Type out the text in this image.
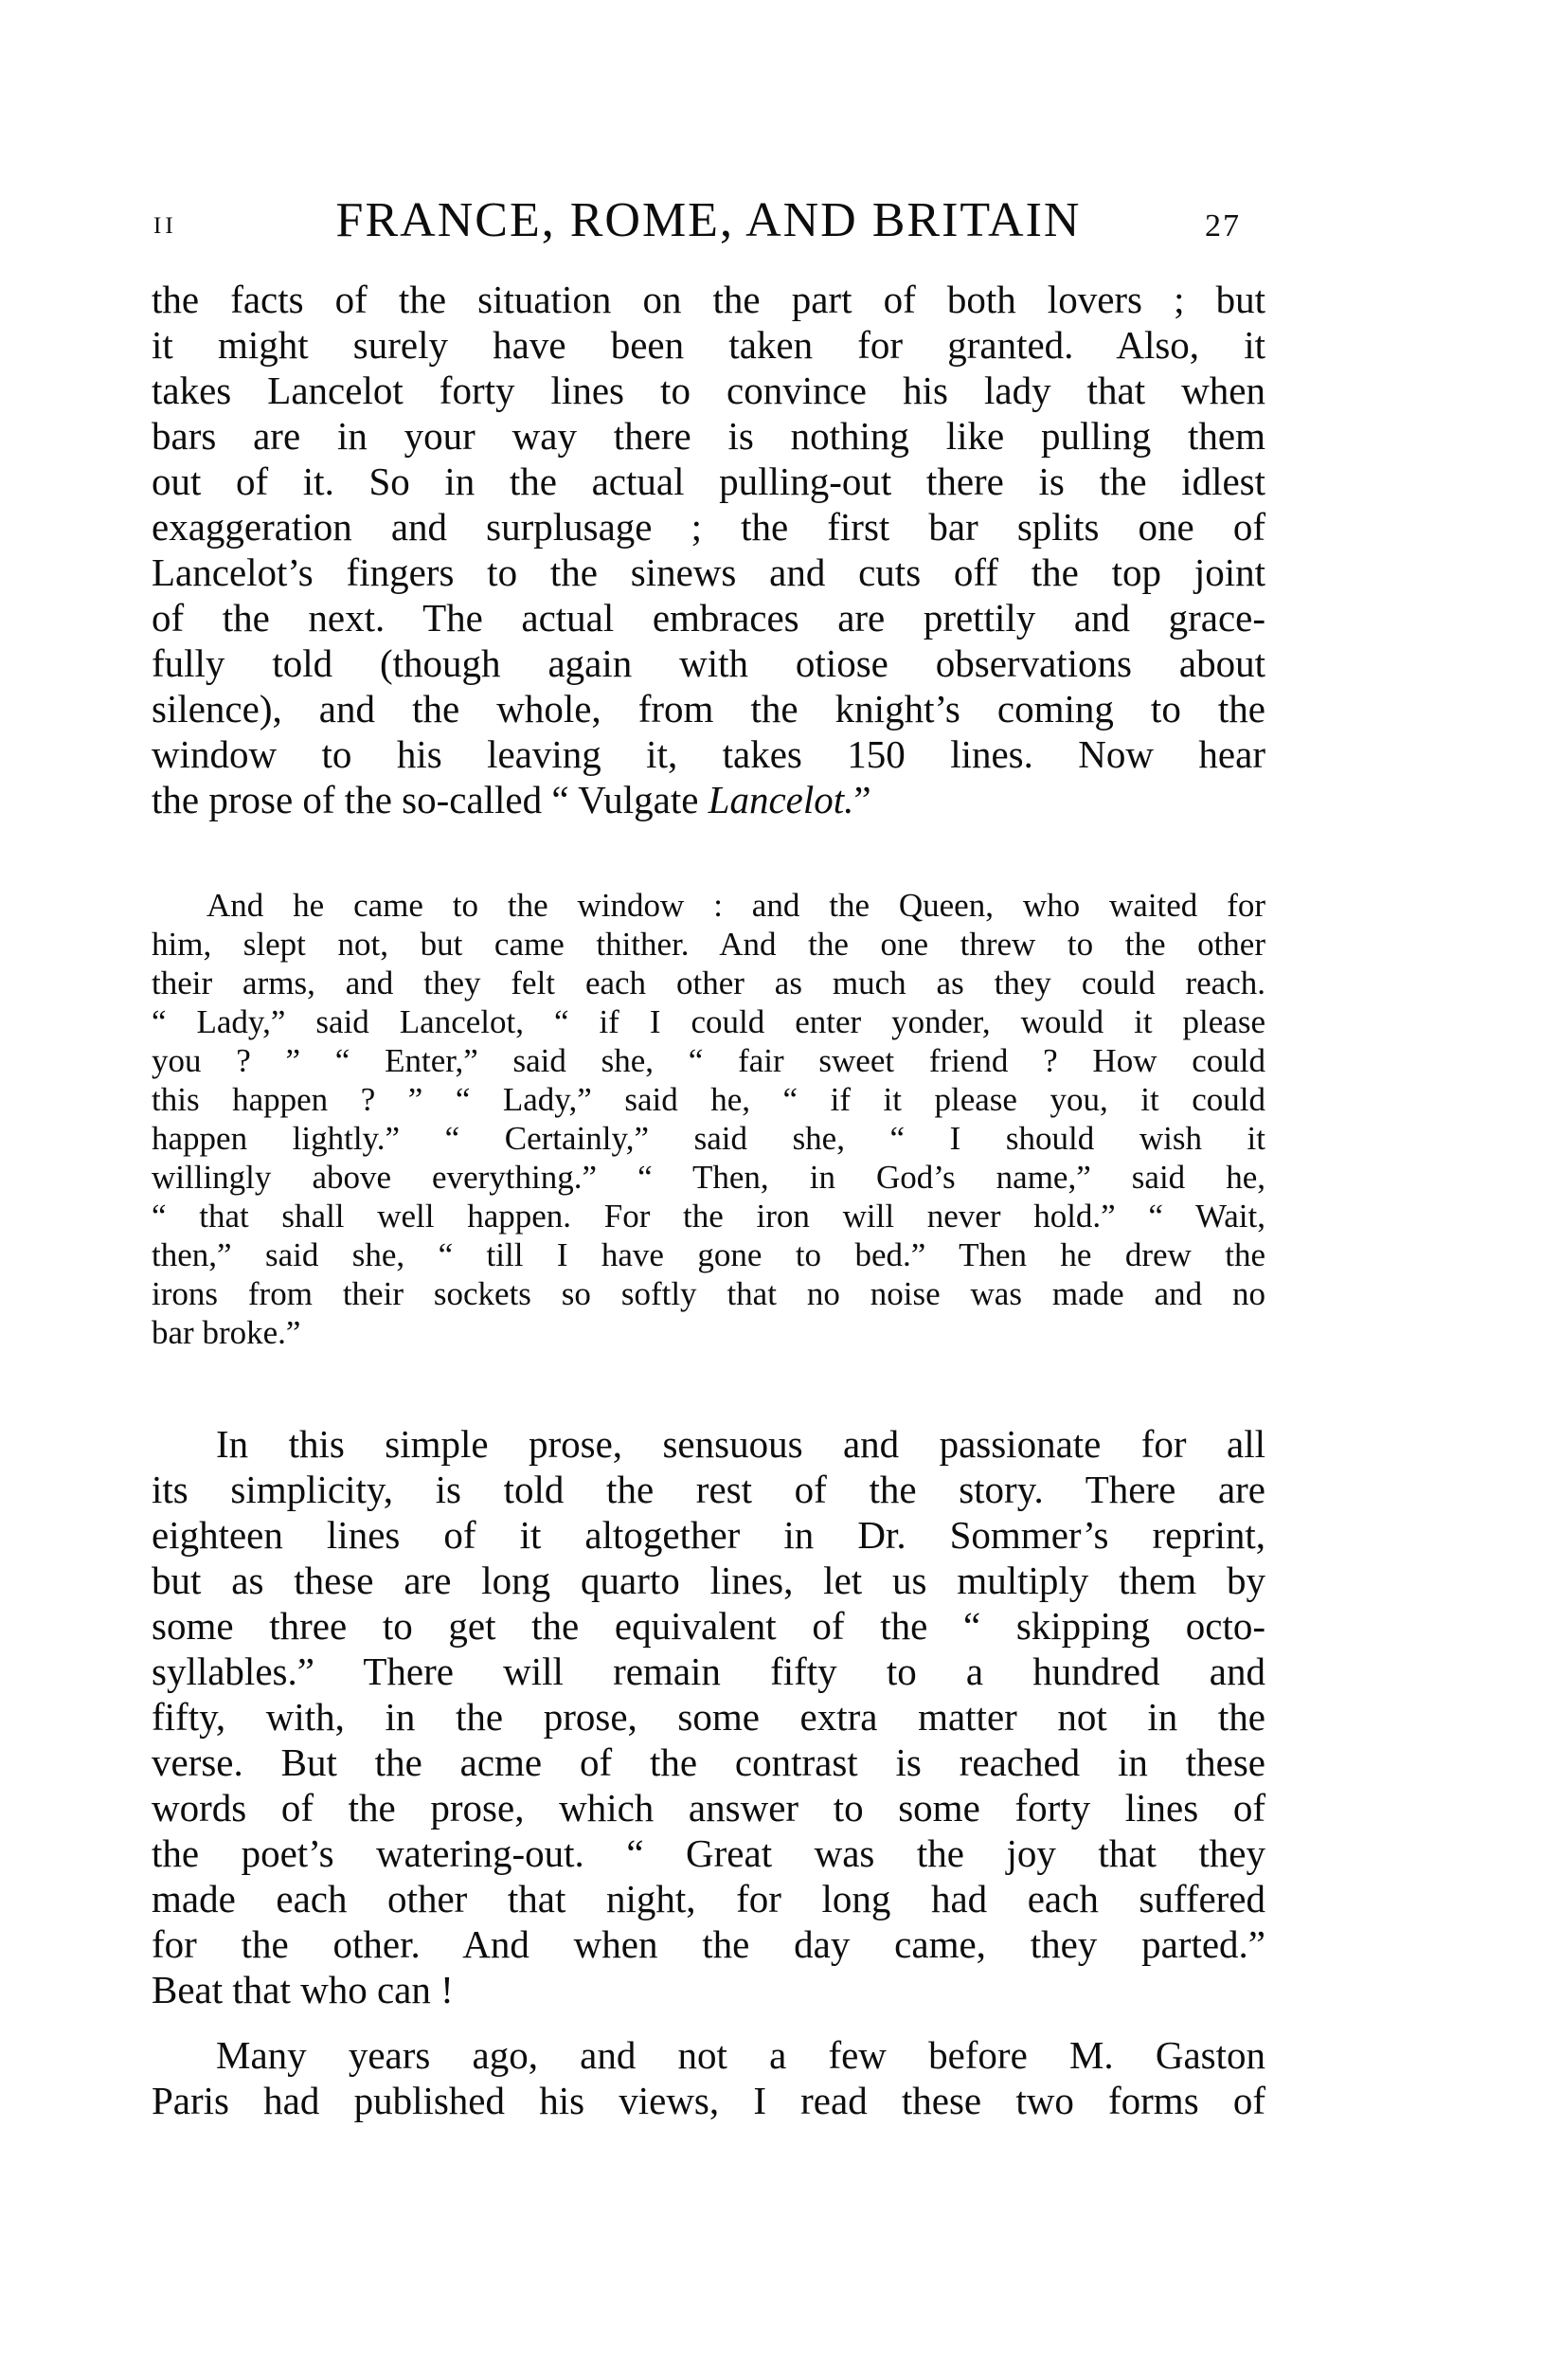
II	FRANCE, ROME, AND BRITAIN	27
the facts of the situation on the part of both lovers ; but
it might surely have been taken for granted. Also, it
takes Lancelot forty lines to convince his lady that when
bars are in your way there is nothing like pulling them
out of it. So in the actual pulling-out there is the idlest
exaggeration and surplusage ; the first bar splits one of
Lancelot’s fingers to the sinews and cuts off the top joint
of the next. The actual embraces are prettily and grace-
fully told (though again with otiose observations about
silence), and the whole, from the knight’s coming to the
window to his leaving it, takes 150 lines. Now hear
the prose of the so-called “ Vulgate Lancelot.”
And he came to the window : and the Queen, who waited for
him, slept not, but came thither. And the one threw to the other
their arms, and they felt each other as much as they could reach.
“ Lady,” said Lancelot, “ if I could enter yonder, would it please
you ? ” “ Enter,” said she, “ fair sweet friend ? How could
this happen ? ” “ Lady,” said he, “ if it please you, it could
happen lightly.” “ Certainly,” said she, “ I should wish it
willingly above everything.” “ Then, in God’s name,” said he,
“ that shall well happen. For the iron will never hold.” “ Wait,
then,” said she, “ till I have gone to bed.” Then he drew the
irons from their sockets so softly that no noise was made and no
bar broke.”
In this simple prose, sensuous and passionate for all
its simplicity, is told the rest of the story. There are
eighteen lines of it altogether in Dr. Sommer’s reprint,
but as these are long quarto lines, let us multiply them by
some three to get the equivalent of the “ skipping octo-
syllables.” There will remain fifty to a hundred and
fifty, with, in the prose, some extra matter not in the
verse. But the acme of the contrast is reached in these
words of the prose, which answer to some forty lines of
the poet’s watering-out. “ Great was the joy that they
made each other that night, for long had each suffered
for the other. And when the day came, they parted.”
Beat that who can !
Many years ago, and not a few before M. Gaston
Paris had published his views, I read these two forms of
